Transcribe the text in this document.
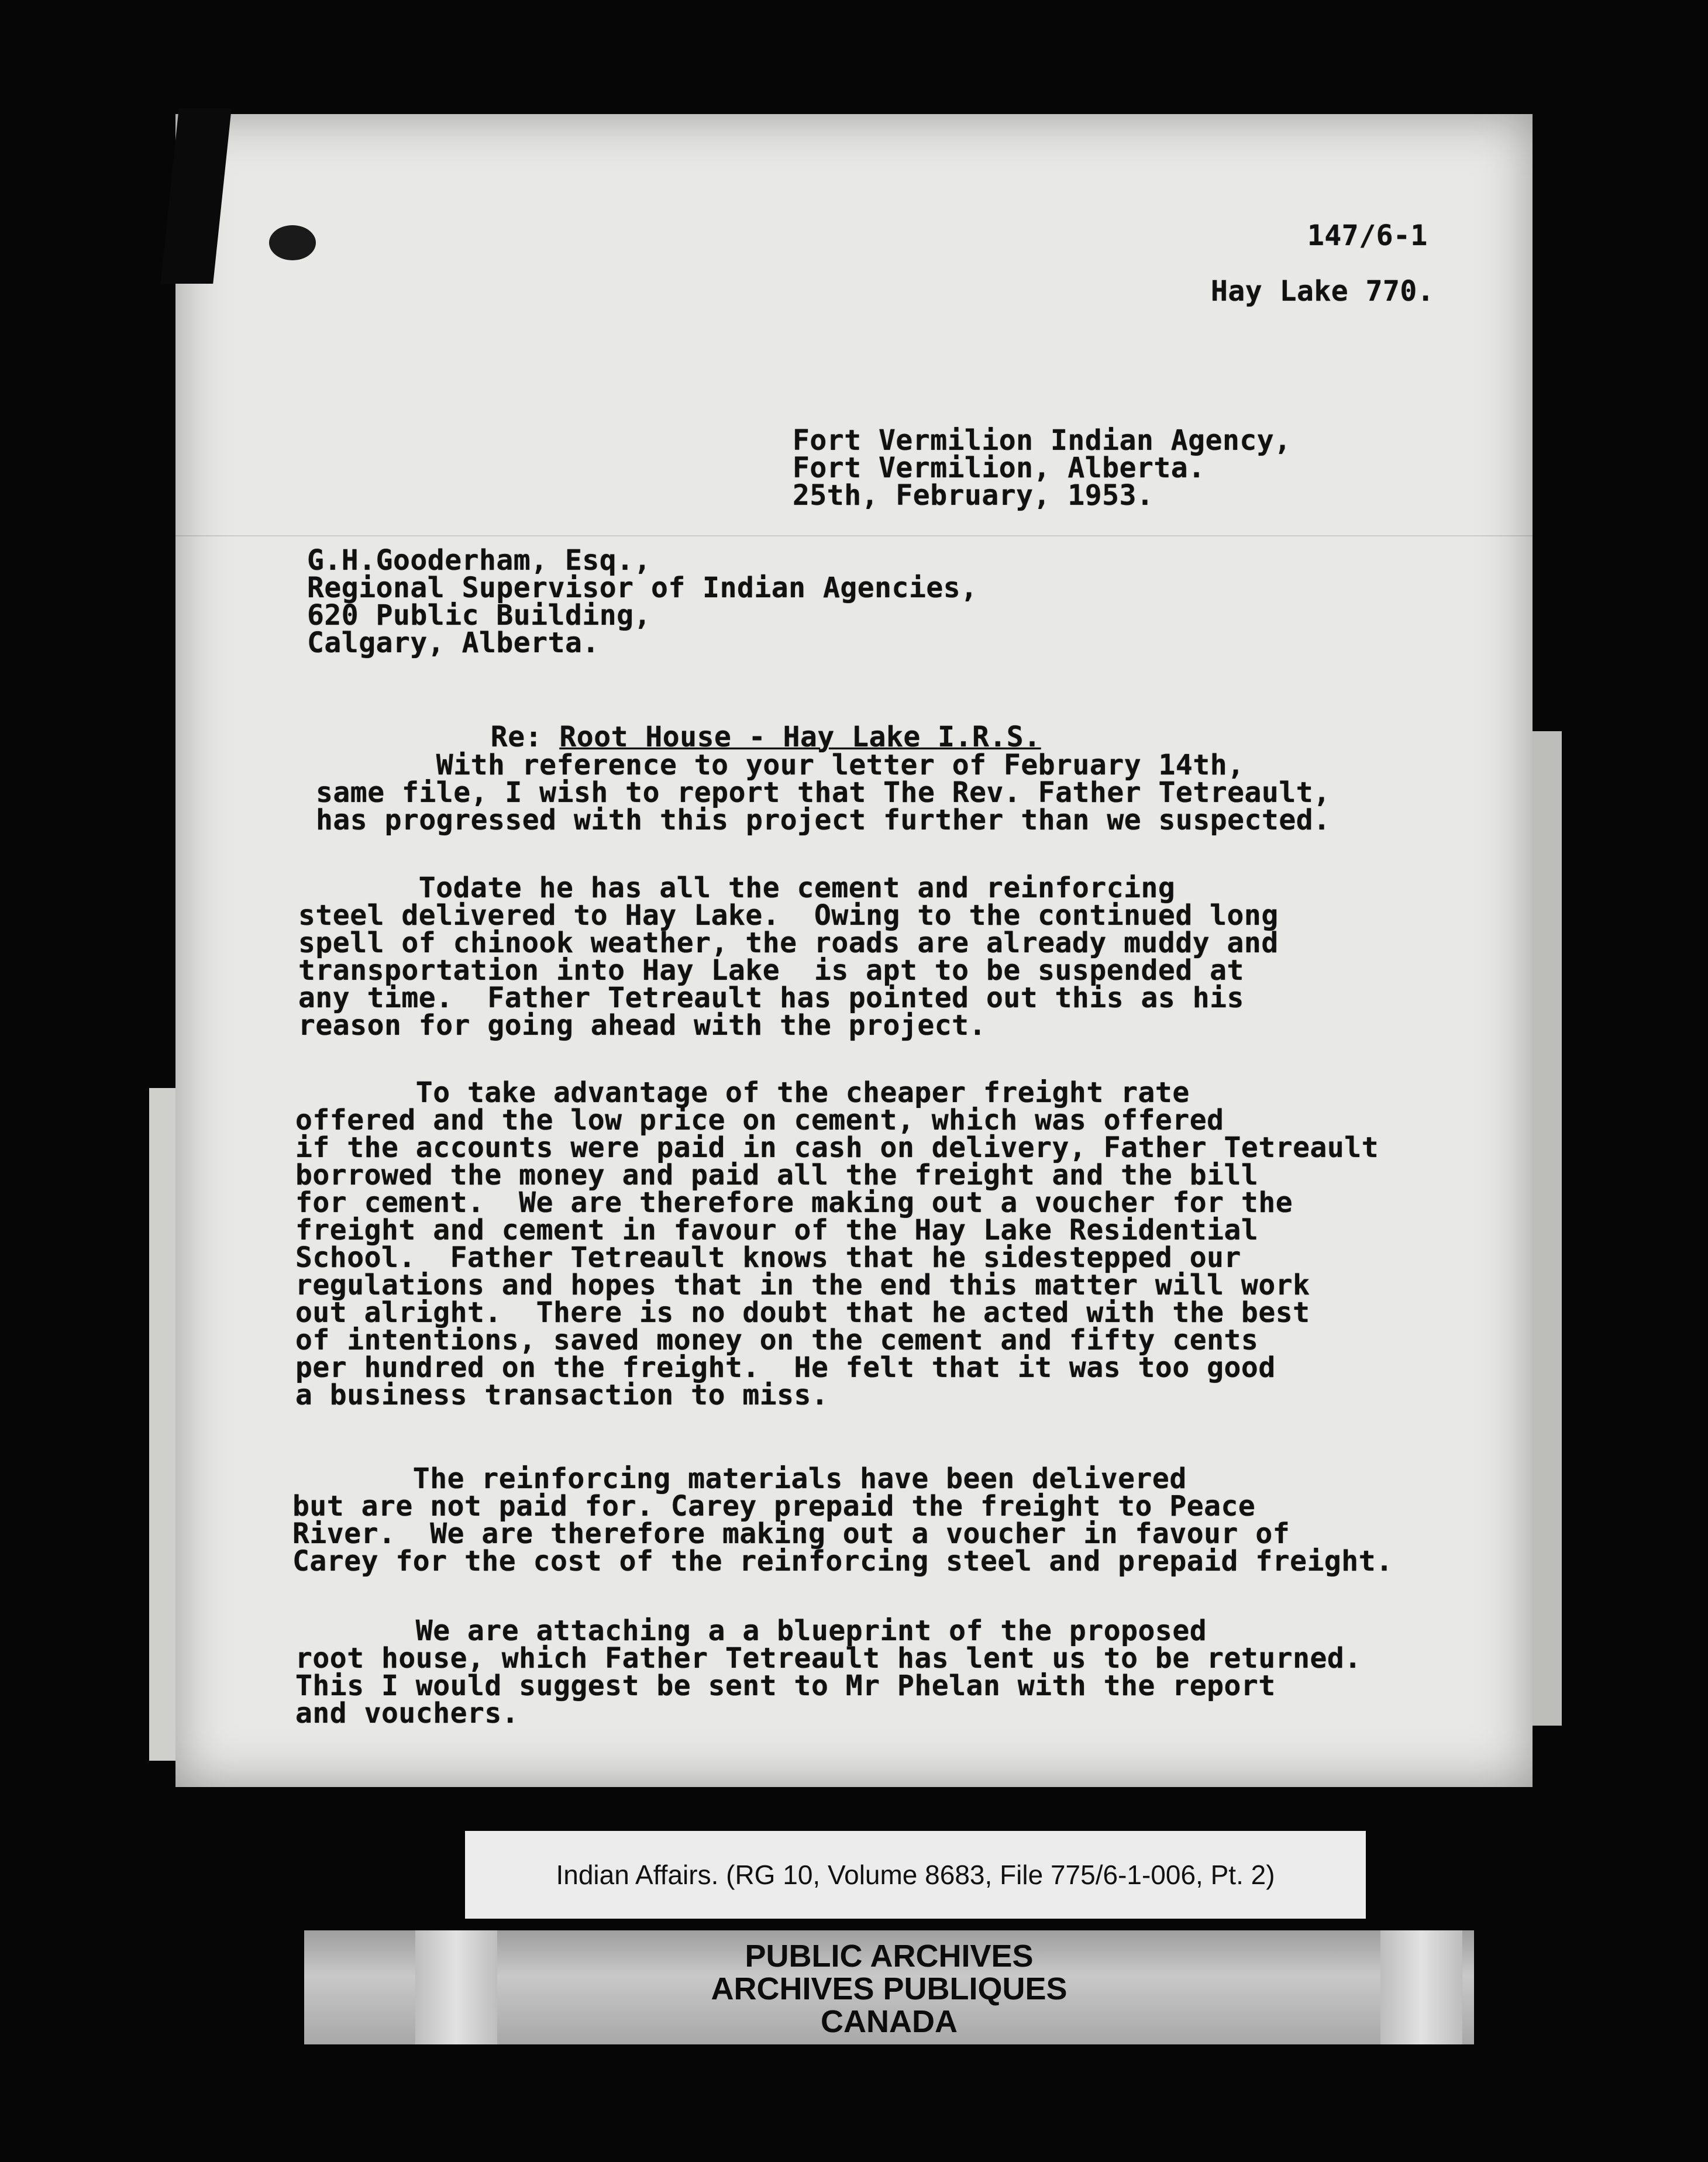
147/6-1
Hay Lake 770.
Fort Vermilion Indian Agency,
Fort Vermilion, Alberta.
25th, February, 1953.
G.H.Gooderham, Esq.,
Regional Supervisor of Indian Agencies,
620 Public Building,
Calgary, Alberta.

Re: Root House - Hay Lake I.R.S.

With reference to your letter of February 14th,
same file, I wish to report that The Rev. Father Tetreault,
has progressed with this project further than we suspected.
Todate he has all the cement and reinforcing
steel delivered to Hay Lake.  Owing to the continued long
spell of chinook weather, the roads are already muddy and
transportation into Hay Lake  is apt to be suspended at
any time.  Father Tetreault has pointed out this as his
reason for going ahead with the project.
To take advantage of the cheaper freight rate
offered and the low price on cement, which was offered
if the accounts were paid in cash on delivery, Father Tetreault
borrowed the money and paid all the freight and the bill
for cement.  We are therefore making out a voucher for the
freight and cement in favour of the Hay Lake Residential
School.  Father Tetreault knows that he sidestepped our
regulations and hopes that in the end this matter will work
out alright.  There is no doubt that he acted with the best
of intentions, saved money on the cement and fifty cents
per hundred on the freight.  He felt that it was too good
a business transaction to miss.
The reinforcing materials have been delivered
but are not paid for. Carey prepaid the freight to Peace
River.  We are therefore making out a voucher in favour of
Carey for the cost of the reinforcing steel and prepaid freight.
We are attaching a a blueprint of the proposed
root house, which Father Tetreault has lent us to be returned.
This I would suggest be sent to Mr Phelan with the report
and vouchers.
Indian Affairs. (RG 10, Volume 8683, File 775/6-1-006, Pt. 2)
PUBLIC ARCHIVES
ARCHIVES PUBLIQUES
CANADA
